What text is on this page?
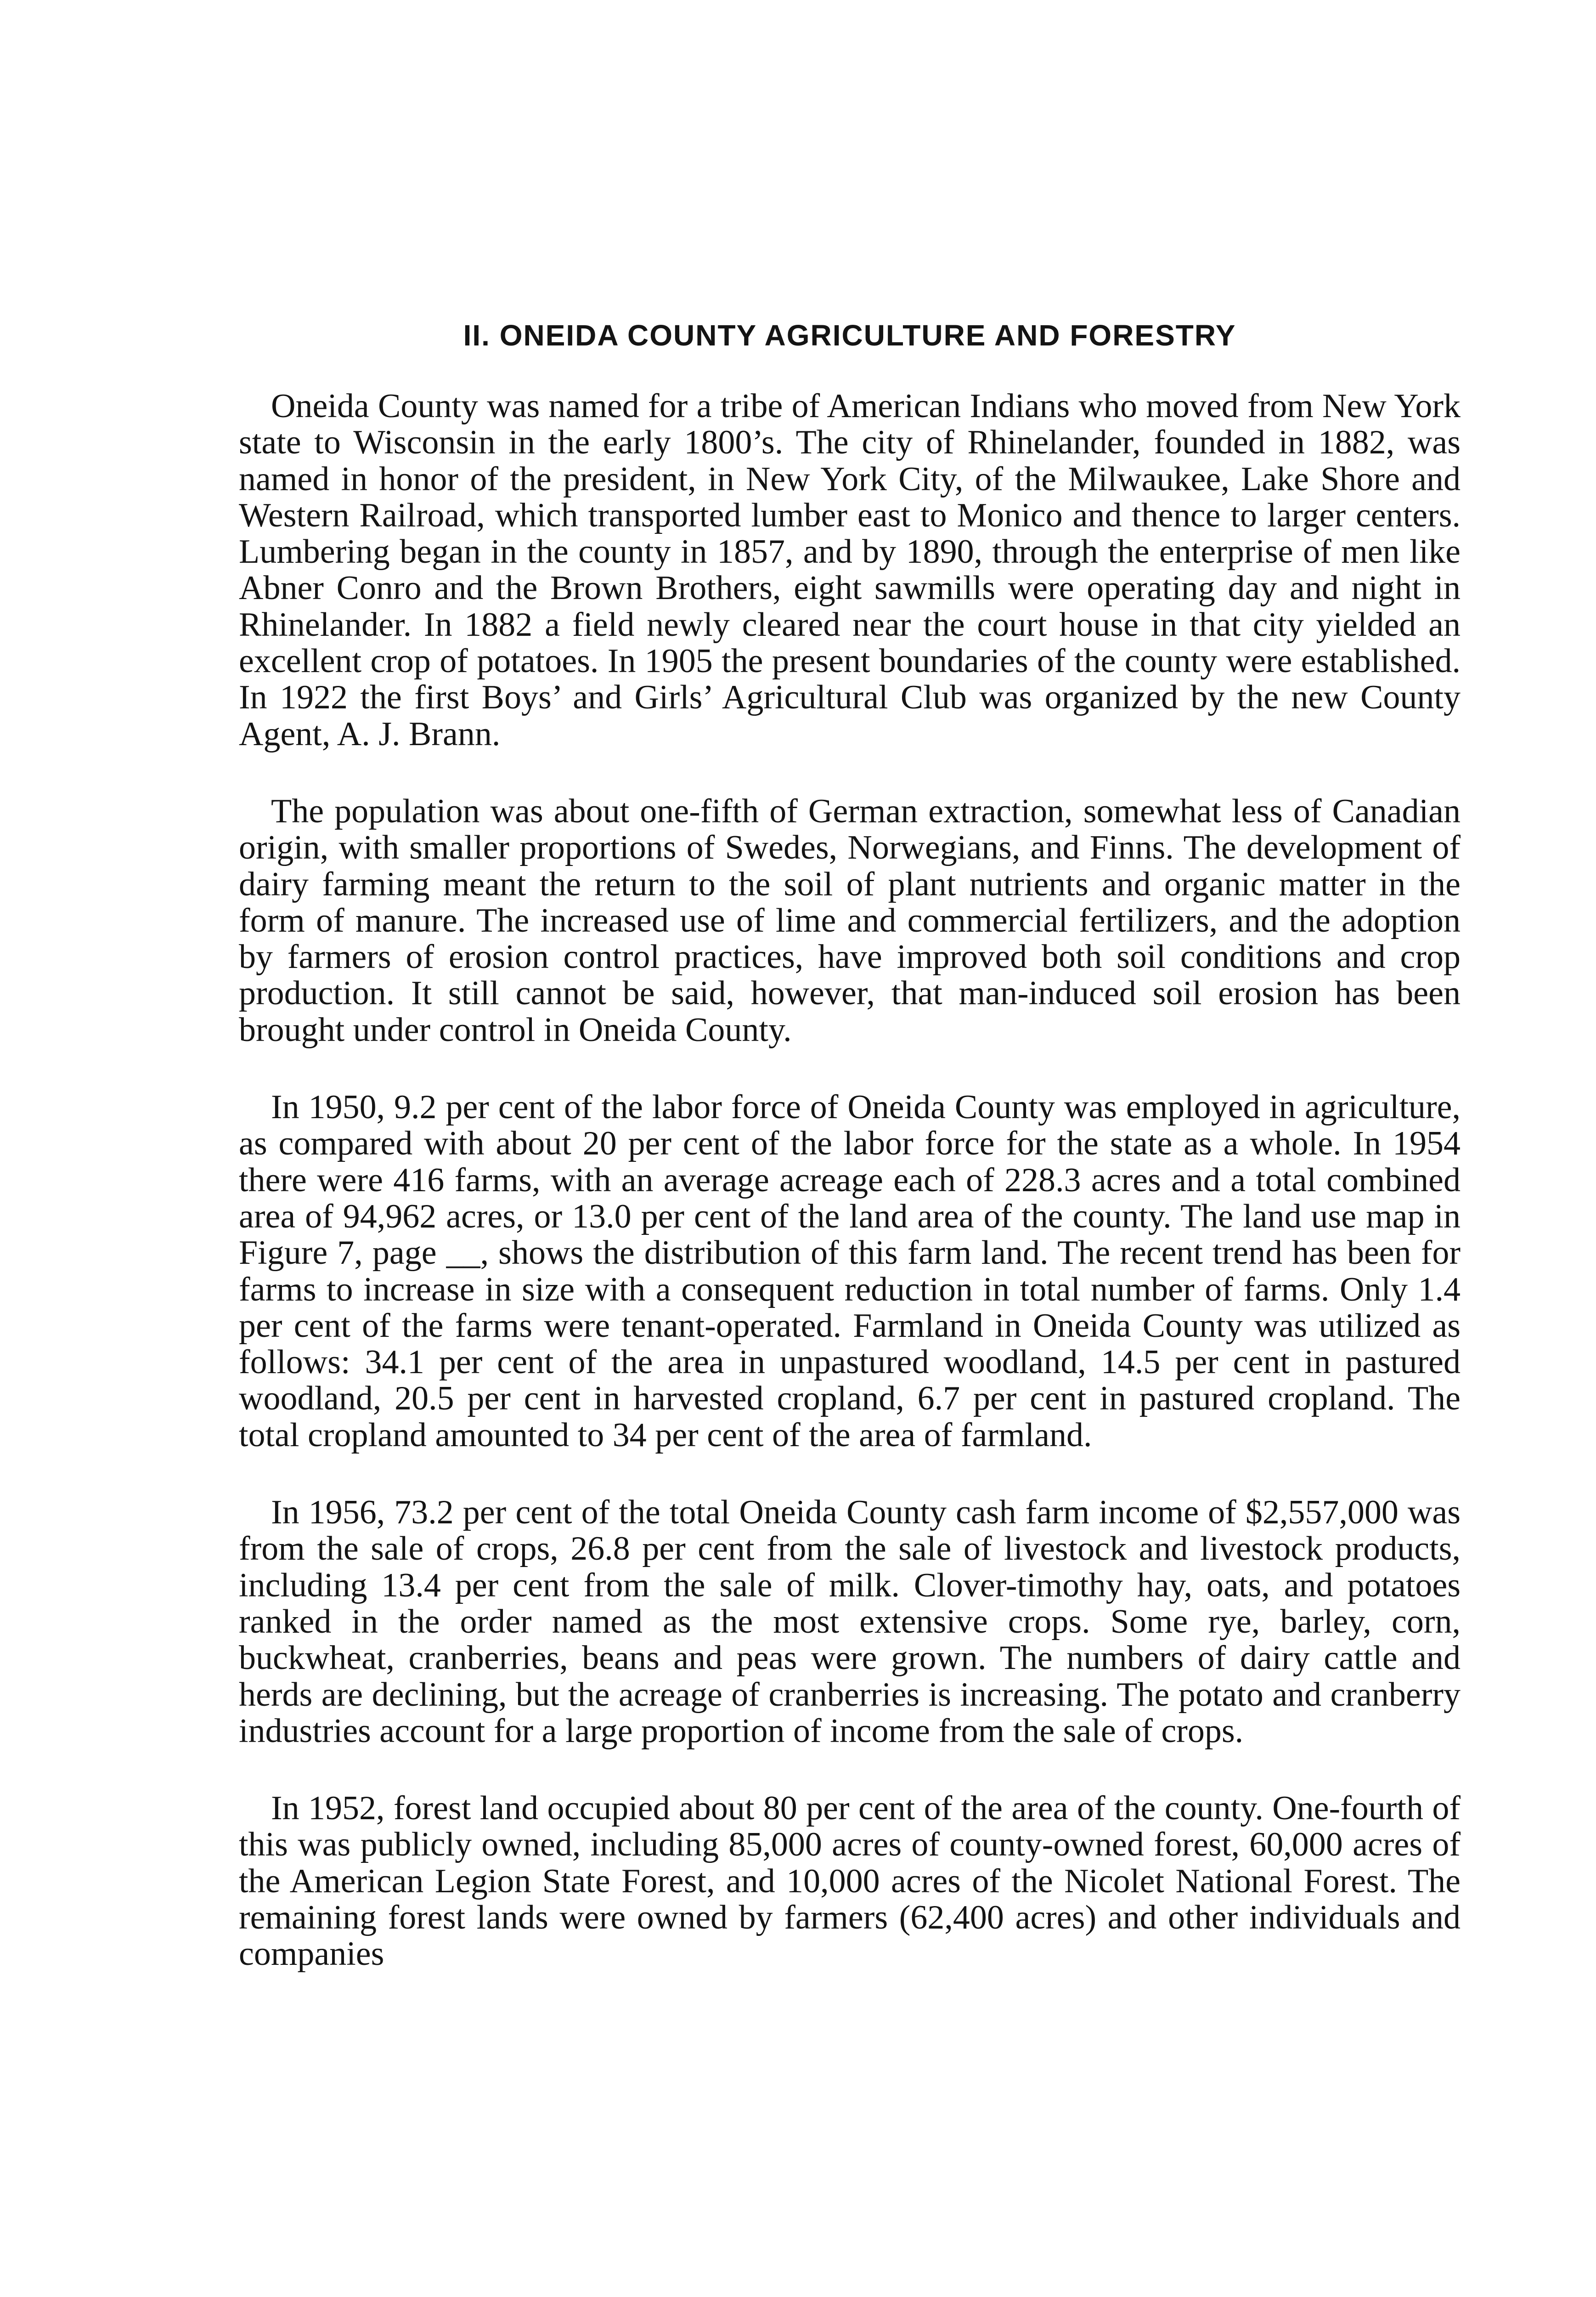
II. ONEIDA COUNTY AGRICULTURE AND FORESTRY

Oneida County was named for a tribe of American Indians who moved from New York state to Wisconsin in the early 1800’s. The city of Rhinelander, founded in 1882, was named in honor of the president, in New York City, of the Milwaukee, Lake Shore and Western Railroad, which transported lumber east to Monico and thence to larger centers. Lumbering began in the county in 1857, and by 1890, through the enterprise of men like Abner Conro and the Brown Brothers, eight sawmills were operating day and night in Rhinelander. In 1882 a field newly cleared near the court house in that city yielded an excellent crop of potatoes. In 1905 the present boundaries of the county were established. In 1922 the first Boys’ and Girls’ Agricultural Club was organized by the new County Agent, A. J. Brann.

The population was about one-fifth of German extraction, somewhat less of Canadian origin, with smaller proportions of Swedes, Norwegians, and Finns. The development of dairy farming meant the return to the soil of plant nutrients and organic matter in the form of manure. The increased use of lime and commercial fertilizers, and the adoption by farmers of erosion control practices, have improved both soil conditions and crop production. It still cannot be said, however, that man-induced soil erosion has been brought under control in Oneida County.

In 1950, 9.2 per cent of the labor force of Oneida County was employed in agriculture, as compared with about 20 per cent of the labor force for the state as a whole. In 1954 there were 416 farms, with an average acreage each of 228.3 acres and a total combined area of 94,962 acres, or 13.0 per cent of the land area of the county. The land use map in Figure 7, page __, shows the distribution of this farm land. The recent trend has been for farms to increase in size with a consequent reduction in total number of farms. Only 1.4 per cent of the farms were tenant-operated. Farmland in Oneida County was utilized as follows: 34.1 per cent of the area in unpastured woodland, 14.5 per cent in pastured woodland, 20.5 per cent in harvested cropland, 6.7 per cent in pastured cropland. The total cropland amounted to 34 per cent of the area of farmland.

In 1956, 73.2 per cent of the total Oneida County cash farm income of $2,557,000 was from the sale of crops, 26.8 per cent from the sale of livestock and livestock products, including 13.4 per cent from the sale of milk. Clover-timothy hay, oats, and potatoes ranked in the order named as the most extensive crops. Some rye, barley, corn, buckwheat, cranberries, beans and peas were grown. The numbers of dairy cattle and herds are declining, but the acreage of cranberries is increasing. The potato and cranberry industries account for a large proportion of income from the sale of crops.

In 1952, forest land occupied about 80 per cent of the area of the county. One-fourth of this was publicly owned, including 85,000 acres of county-owned forest, 60,000 acres of the American Legion State Forest, and 10,000 acres of the Nicolet National Forest. The remaining forest lands were owned by farmers (62,400 acres) and other individuals and companies
